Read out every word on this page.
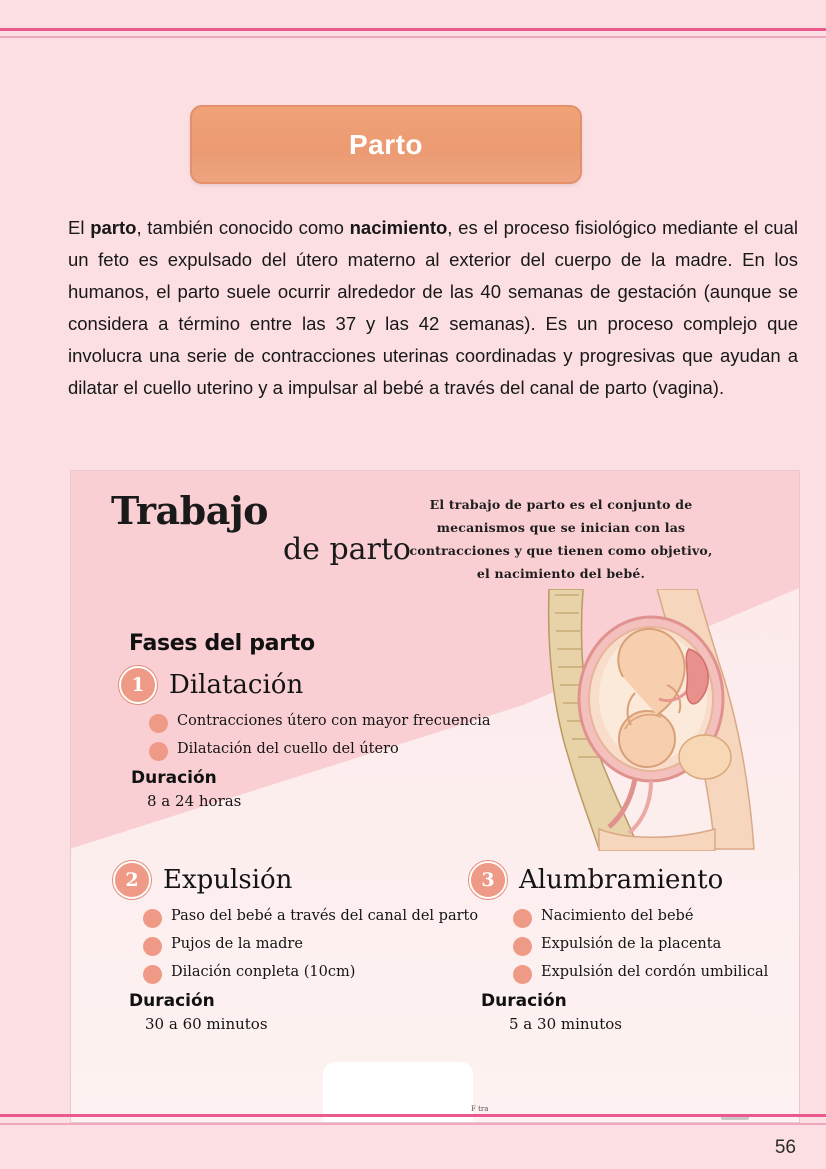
Parto
El parto, también conocido como nacimiento, es el proceso fisiológico mediante el cual un feto es expulsado del útero materno al exterior del cuerpo de la madre. En los humanos, el parto suele ocurrir alrededor de las 40 semanas de gestación (aunque se considera a término entre las 37 y las 42 semanas). Es un proceso complejo que involucra una serie de contracciones uterinas coordinadas y progresivas que ayudan a dilatar el cuello uterino y a impulsar al bebé a través del canal de parto (vagina).
Trabajo
de parto
El trabajo de parto es el conjunto de mecanismos que se inician con las contracciones y que tienen como objetivo, el nacimiento del bebé.
Fases del parto
1 Dilatación
Contracciones útero con mayor frecuencia
Dilatación del cuello del útero
Duración
8 a 24 horas
2 Expulsión
Paso del bebé a través del canal del parto
Pujos de la madre
Dilación conpleta (10cm)
Duración
30 a 60 minutos
3 Alumbramiento
Nacimiento del bebé
Expulsión de la placenta
Expulsión del cordón umbilical
Duración
5 a 30 minutos
F tra
56
